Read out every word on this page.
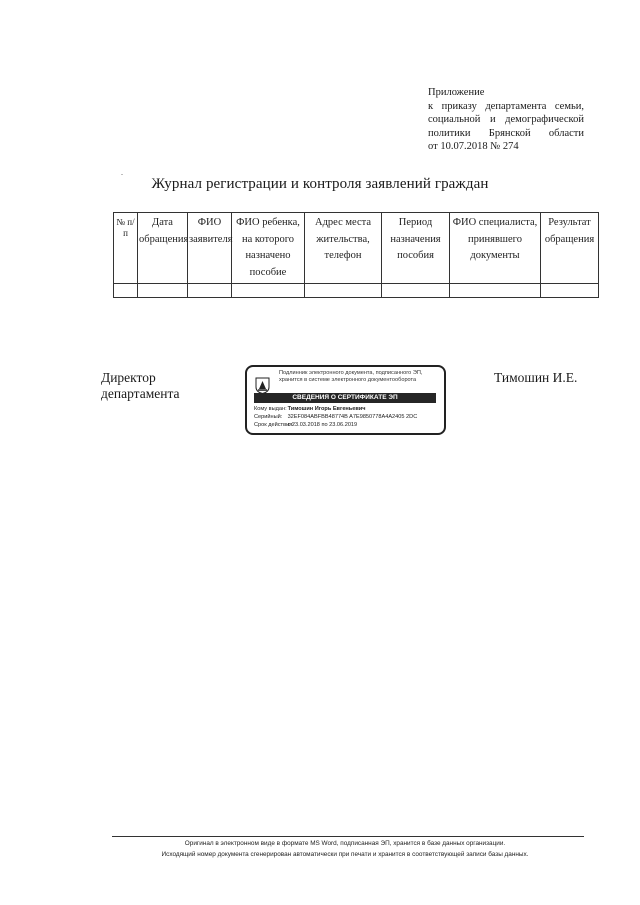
Приложение
к приказу департамента семьи,
социальной и демографической
политики Брянской области
от 10.07.2018 № 274
.
Журнал регистрации и контроля заявлений граждан
№ п/п	Дата обращения	ФИО заявителя	ФИО ребенка, на которого назначено пособие	Адрес места жительства, телефон	Период назначения пособия	ФИО специалиста, принявшего документы	Результат обращения

Директор
департамента
Подлинник электронного документа, подписанного ЭП,
хранится в системе электронного документооборота
СВЕДЕНИЯ О СЕРТИФИКАТЕ ЭП
Кому выдан: Тимошин Игорь Евгеньевич
Серийный: 32EF084ABFBB48774B A7E9850778A4A2405 2DC
Срок действия: с 23.03.2018 по 23.06.2019
Тимошин И.Е.
Оригинал в электронном виде в формате MS Word, подписанная ЭП, хранится в базе данных организации.
Исходящий номер документа сгенерирован автоматически при печати и хранится в соответствующей записи базы данных.
